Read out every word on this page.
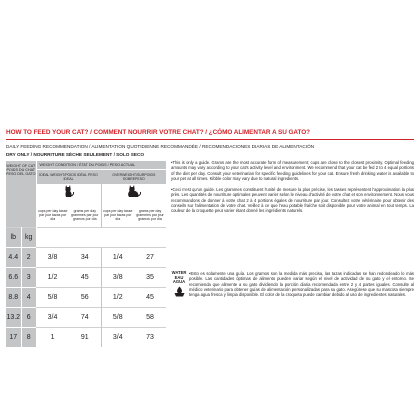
HOW TO FEED YOUR CAT? / COMMENT NOURRIR VOTRE CHAT? / ¿CÓMO ALIMENTAR A SU GATO?
DAILY FEEDING RECOMMENDATION / ALIMENTATION QUOTIDIENNE RECOMMANDÉE / RECOMENDACIONES DIARIAS DE ALIMENTACIÓN
DRY ONLY / NOURRITURE SÈCHE SEULEMENT / SOLO SECO
WEIGHT OF CAT POIDS DU CHAT PESO DEL GATO		WEIGHT CONDITION / ÉTAT DU POIDS / PESO ACTUAL			
		IDEAL WEIGHT/POIDS IDÉAL PESO IDEAL		OVERWEIGHT/SURPOIDS SOBREPESO	

		cups per day tasse par jour tazas por día	grams per day grammes par jour gramos por día	cups per day tasse par jour tazas por día	grams per day grammes par jour gramos por día
lb	kg				
4.4	2	3/8	34	1/4	27
6.6	3	1/2	45	3/8	35
8.8	4	5/8	56	1/2	45
13.2	6	3/4	74	5/8	58
17	8	1	91	3/4	73

•This is only a guide. Grams are the most accurate form of measurement; cups are close to the closest proximity. Optimal feeding amounts may vary according to your cat's activity level and environment. We recommend that your cat be fed 2 to 4 equal portions of the diet per day. Consult your veterinarian for specific feeding guidelines for your cat. Ensure fresh drinking water is available to your pet at all times. Kibble color may vary due to natural ingredients.

•Ceci n'est qu'un guide. Les grammes constituent l'unité de mesure la plus précise, les tasses représentent l'approximation la plus près. Les quantités de nourriture optimales peuvent varier selon le niveau d'activité de votre chat et son environnement. Nous vous recommandons de donner à votre chat 2 à 4 portions égales de nourriture par jour. Consultez votre vétérinaire pour obtenir des conseils sur l'alimentation de votre chat. Veillez à ce que l'eau potable fraîche soit disponible pour votre animal en tout temps. La couleur de la croquette peut varier étant donné les ingrédients naturels.

WATER EAU AGUA

•Esto es solamente una guía. Los gramos son la medida más precisa, las tazas indicadas se han redondeado lo más posible. Las cantidades óptimas de alimento pueden variar según el nivel de actividad de su gato y el entorno. Se recomienda que alimente a su gato dividiendo la porción diaria recomendada entre 2 y 4 partes iguales. Consulte al médico veterinario para obtener guías de alimentación personalizadas para su gato. Asegúrese que su mascota siempre tenga agua fresca y limpia disponible. El color de la croqueta puede cambiar debido al uso de ingredientes naturales.
